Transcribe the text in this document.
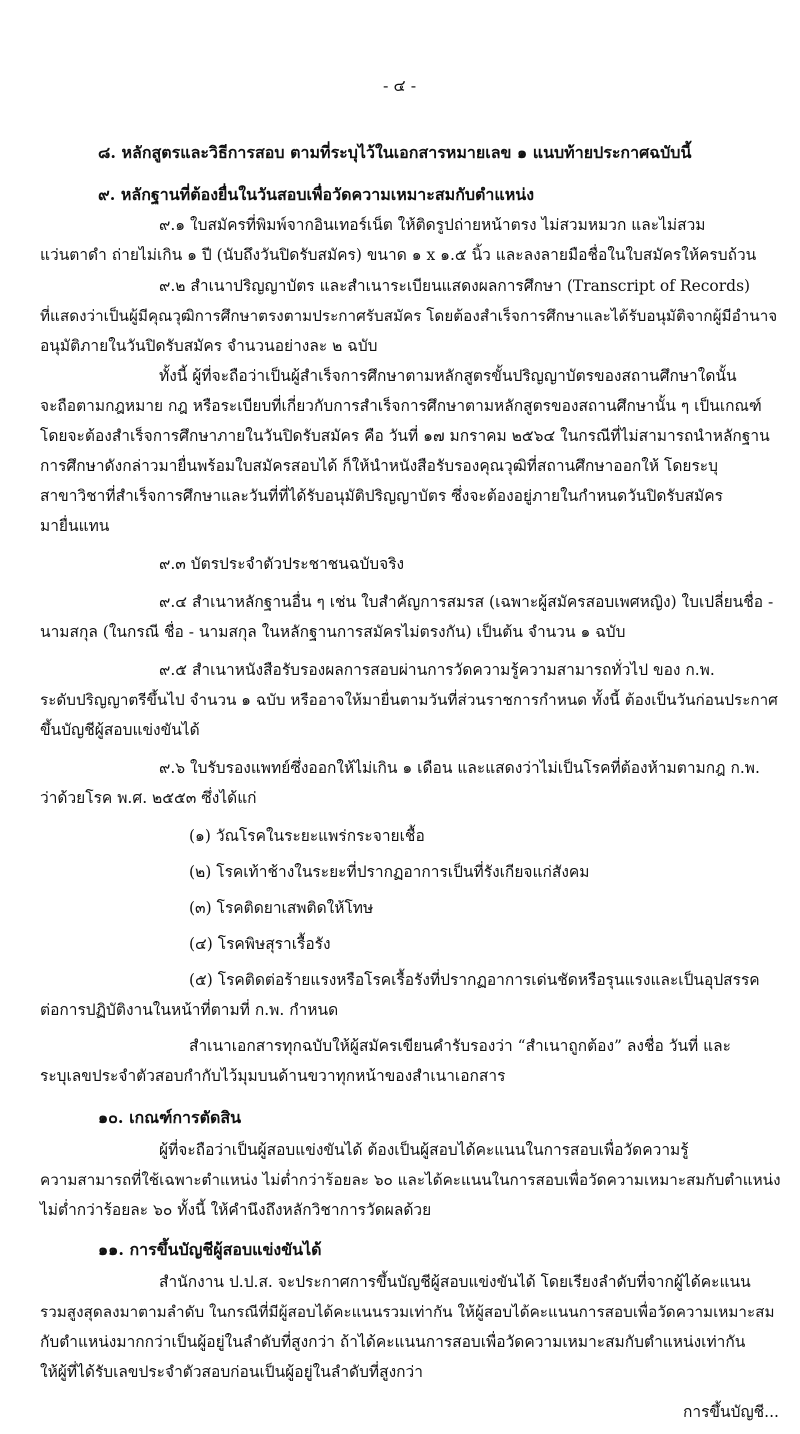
- ๔ -
๘. หลักสูตรและวิธีการสอบ ตามที่ระบุไว้ในเอกสารหมายเลข ๑ แนบท้ายประกาศฉบับนี้
๙. หลักฐานที่ต้องยื่นในวันสอบเพื่อวัดความเหมาะสมกับตำแหน่ง
๙.๑ ใบสมัครที่พิมพ์จากอินเทอร์เน็ต ให้ติดรูปถ่ายหน้าตรง ไม่สวมหมวก และไม่สวม
แว่นตาดำ ถ่ายไม่เกิน ๑ ปี (นับถึงวันปิดรับสมัคร) ขนาด ๑ x ๑.๕ นิ้ว และลงลายมือชื่อในใบสมัครให้ครบถ้วน
๙.๒ สำเนาปริญญาบัตร และสำเนาระเบียนแสดงผลการศึกษา (Transcript of Records)
ที่แสดงว่าเป็นผู้มีคุณวุฒิการศึกษาตรงตามประกาศรับสมัคร โดยต้องสำเร็จการศึกษาและได้รับอนุมัติจากผู้มีอำนาจ
อนุมัติภายในวันปิดรับสมัคร จำนวนอย่างละ ๒ ฉบับ
ทั้งนี้ ผู้ที่จะถือว่าเป็นผู้สำเร็จการศึกษาตามหลักสูตรขั้นปริญญาบัตรของสถานศึกษาใดนั้น
จะถือตามกฎหมาย กฎ หรือระเบียบที่เกี่ยวกับการสำเร็จการศึกษาตามหลักสูตรของสถานศึกษานั้น ๆ เป็นเกณฑ์
โดยจะต้องสำเร็จการศึกษาภายในวันปิดรับสมัคร คือ วันที่ ๑๗ มกราคม ๒๕๖๔ ในกรณีที่ไม่สามารถนำหลักฐาน
การศึกษาดังกล่าวมายื่นพร้อมใบสมัครสอบได้ ก็ให้นำหนังสือรับรองคุณวุฒิที่สถานศึกษาออกให้ โดยระบุ
สาขาวิชาที่สำเร็จการศึกษาและวันที่ที่ได้รับอนุมัติปริญญาบัตร ซึ่งจะต้องอยู่ภายในกำหนดวันปิดรับสมัคร
มายื่นแทน
๙.๓ บัตรประจำตัวประชาชนฉบับจริง
๙.๔ สำเนาหลักฐานอื่น ๆ เช่น ใบสำคัญการสมรส (เฉพาะผู้สมัครสอบเพศหญิง) ใบเปลี่ยนชื่อ -
นามสกุล (ในกรณี ชื่อ - นามสกุล ในหลักฐานการสมัครไม่ตรงกัน) เป็นต้น จำนวน ๑ ฉบับ
๙.๕ สำเนาหนังสือรับรองผลการสอบผ่านการวัดความรู้ความสามารถทั่วไป ของ ก.พ.
ระดับปริญญาตรีขึ้นไป จำนวน ๑ ฉบับ หรืออาจให้มายื่นตามวันที่ส่วนราชการกำหนด ทั้งนี้ ต้องเป็นวันก่อนประกาศ
ขึ้นบัญชีผู้สอบแข่งขันได้
๙.๖ ใบรับรองแพทย์ซึ่งออกให้ไม่เกิน ๑ เดือน และแสดงว่าไม่เป็นโรคที่ต้องห้ามตามกฎ ก.พ.
ว่าด้วยโรค พ.ศ. ๒๕๕๓ ซึ่งได้แก่
(๑) วัณโรคในระยะแพร่กระจายเชื้อ
(๒) โรคเท้าช้างในระยะที่ปรากฏอาการเป็นที่รังเกียจแก่สังคม
(๓) โรคติดยาเสพติดให้โทษ
(๔) โรคพิษสุราเรื้อรัง
(๕) โรคติดต่อร้ายแรงหรือโรคเรื้อรังที่ปรากฏอาการเด่นชัดหรือรุนแรงและเป็นอุปสรรค
ต่อการปฏิบัติงานในหน้าที่ตามที่ ก.พ. กำหนด
สำเนาเอกสารทุกฉบับให้ผู้สมัครเขียนคำรับรองว่า “สำเนาถูกต้อง” ลงชื่อ วันที่ และ
ระบุเลขประจำตัวสอบกำกับไว้มุมบนด้านขวาทุกหน้าของสำเนาเอกสาร
๑๐. เกณฑ์การตัดสิน
ผู้ที่จะถือว่าเป็นผู้สอบแข่งขันได้ ต้องเป็นผู้สอบได้คะแนนในการสอบเพื่อวัดความรู้
ความสามารถที่ใช้เฉพาะตำแหน่ง ไม่ต่ำกว่าร้อยละ ๖๐ และได้คะแนนในการสอบเพื่อวัดความเหมาะสมกับตำแหน่ง
ไม่ต่ำกว่าร้อยละ ๖๐ ทั้งนี้ ให้คำนึงถึงหลักวิชาการวัดผลด้วย
๑๑. การขึ้นบัญชีผู้สอบแข่งขันได้
สำนักงาน ป.ป.ส. จะประกาศการขึ้นบัญชีผู้สอบแข่งขันได้ โดยเรียงลำดับที่จากผู้ได้คะแนน
รวมสูงสุดลงมาตามลำดับ ในกรณีที่มีผู้สอบได้คะแนนรวมเท่ากัน ให้ผู้สอบได้คะแนนการสอบเพื่อวัดความเหมาะสม
กับตำแหน่งมากกว่าเป็นผู้อยู่ในลำดับที่สูงกว่า ถ้าได้คะแนนการสอบเพื่อวัดความเหมาะสมกับตำแหน่งเท่ากัน
ให้ผู้ที่ได้รับเลขประจำตัวสอบก่อนเป็นผู้อยู่ในลำดับที่สูงกว่า
การขึ้นบัญชี...
